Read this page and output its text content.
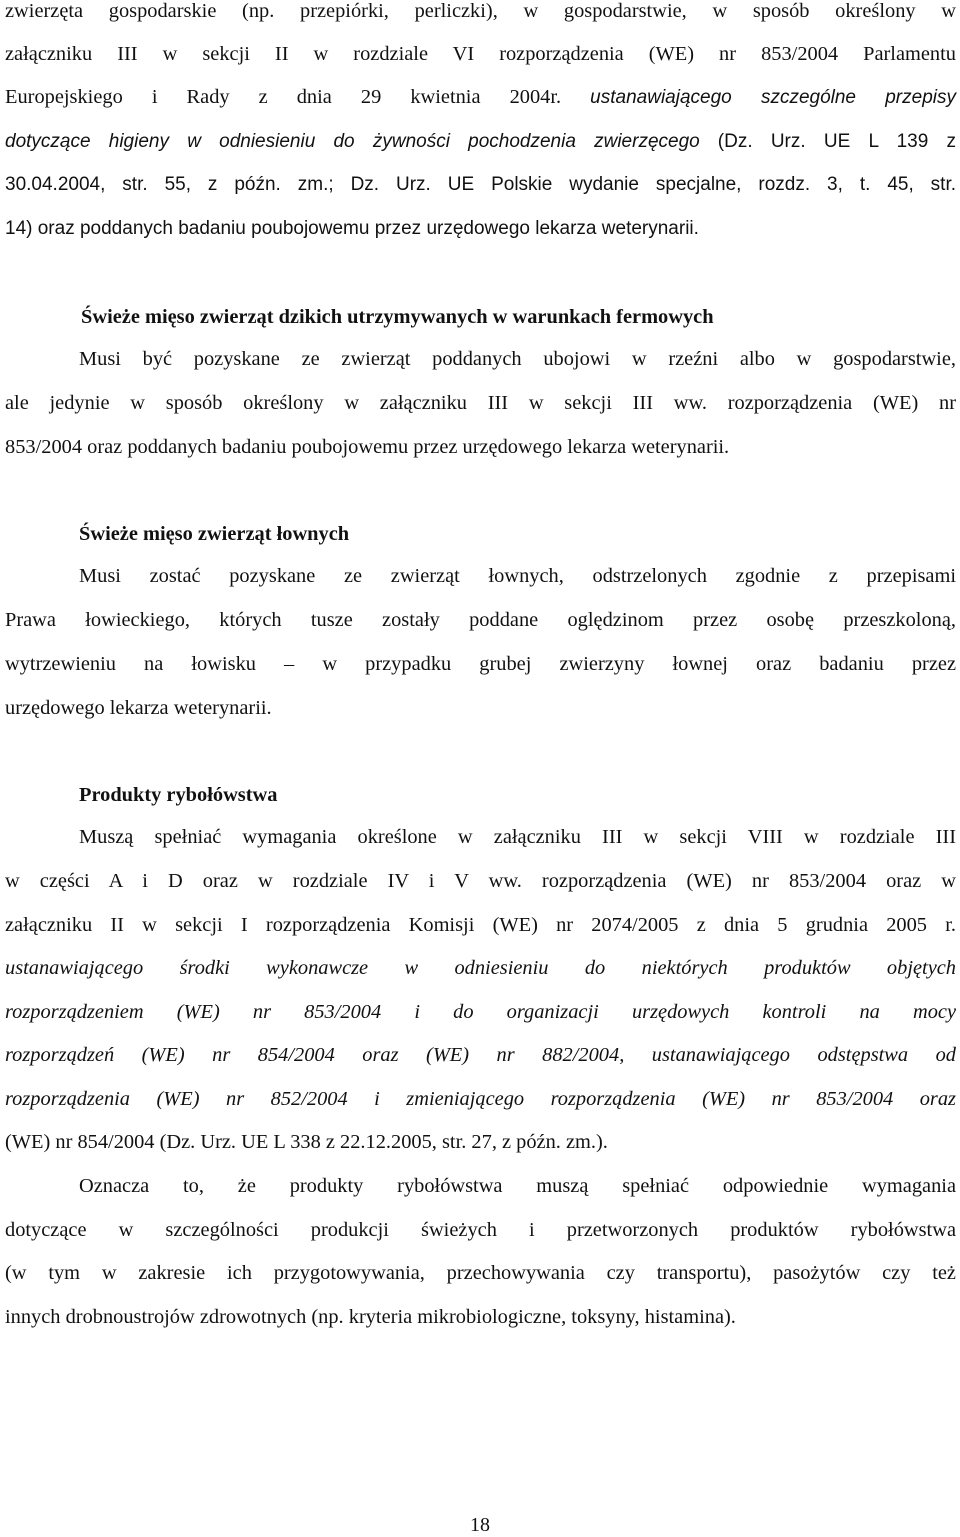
zwierzęta gospodarskie (np. przepiórki, perliczki), w gospodarstwie, w sposób określony w
załączniku III w sekcji II w rozdziale VI rozporządzenia (WE) nr 853/2004 Parlamentu
Europejskiego i Rady z dnia 29 kwietnia 2004r. ustanawiającego szczególne przepisy
dotyczące higieny w odniesieniu do żywności pochodzenia zwierzęcego (Dz. Urz. UE L 139 z
30.04.2004, str. 55, z późn. zm.; Dz. Urz. UE Polskie wydanie specjalne, rozdz. 3, t. 45, str.
14) oraz poddanych badaniu poubojowemu przez urzędowego lekarza weterynarii.
Świeże mięso zwierząt dzikich utrzymywanych w warunkach fermowych
Musi być pozyskane ze zwierząt poddanych ubojowi w rzeźni albo w gospodarstwie,
ale jedynie w sposób określony w załączniku III w sekcji III ww. rozporządzenia (WE) nr
853/2004 oraz poddanych badaniu poubojowemu przez urzędowego lekarza weterynarii.
Świeże mięso zwierząt łownych
Musi zostać pozyskane ze zwierząt łownych, odstrzelonych zgodnie z przepisami
Prawa łowieckiego, których tusze zostały poddane oględzinom przez osobę przeszkoloną,
wytrzewieniu na łowisku – w przypadku grubej zwierzyny łownej oraz badaniu przez
urzędowego lekarza weterynarii.
Produkty rybołówstwa
Muszą spełniać wymagania określone w załączniku III w sekcji VIII w rozdziale III
w części A i D oraz w rozdziale IV i V ww. rozporządzenia (WE) nr 853/2004 oraz w
załączniku II w sekcji I rozporządzenia Komisji (WE) nr 2074/2005 z dnia 5 grudnia 2005 r.
ustanawiającego środki wykonawcze w odniesieniu do niektórych produktów objętych
rozporządzeniem (WE) nr 853/2004 i do organizacji urzędowych kontroli na mocy
rozporządzeń (WE) nr 854/2004 oraz (WE) nr 882/2004, ustanawiającego odstępstwa od
rozporządzenia (WE) nr 852/2004 i zmieniającego rozporządzenia (WE) nr 853/2004 oraz
(WE) nr 854/2004 (Dz. Urz. UE L 338 z 22.12.2005, str. 27, z późn. zm.).
Oznacza to, że produkty rybołówstwa muszą spełniać odpowiednie wymagania
dotyczące w szczególności produkcji świeżych i przetworzonych produktów rybołówstwa
(w tym w zakresie ich przygotowywania, przechowywania czy transportu), pasożytów czy też
innych drobnoustrojów zdrowotnych (np. kryteria mikrobiologiczne, toksyny, histamina).
18
